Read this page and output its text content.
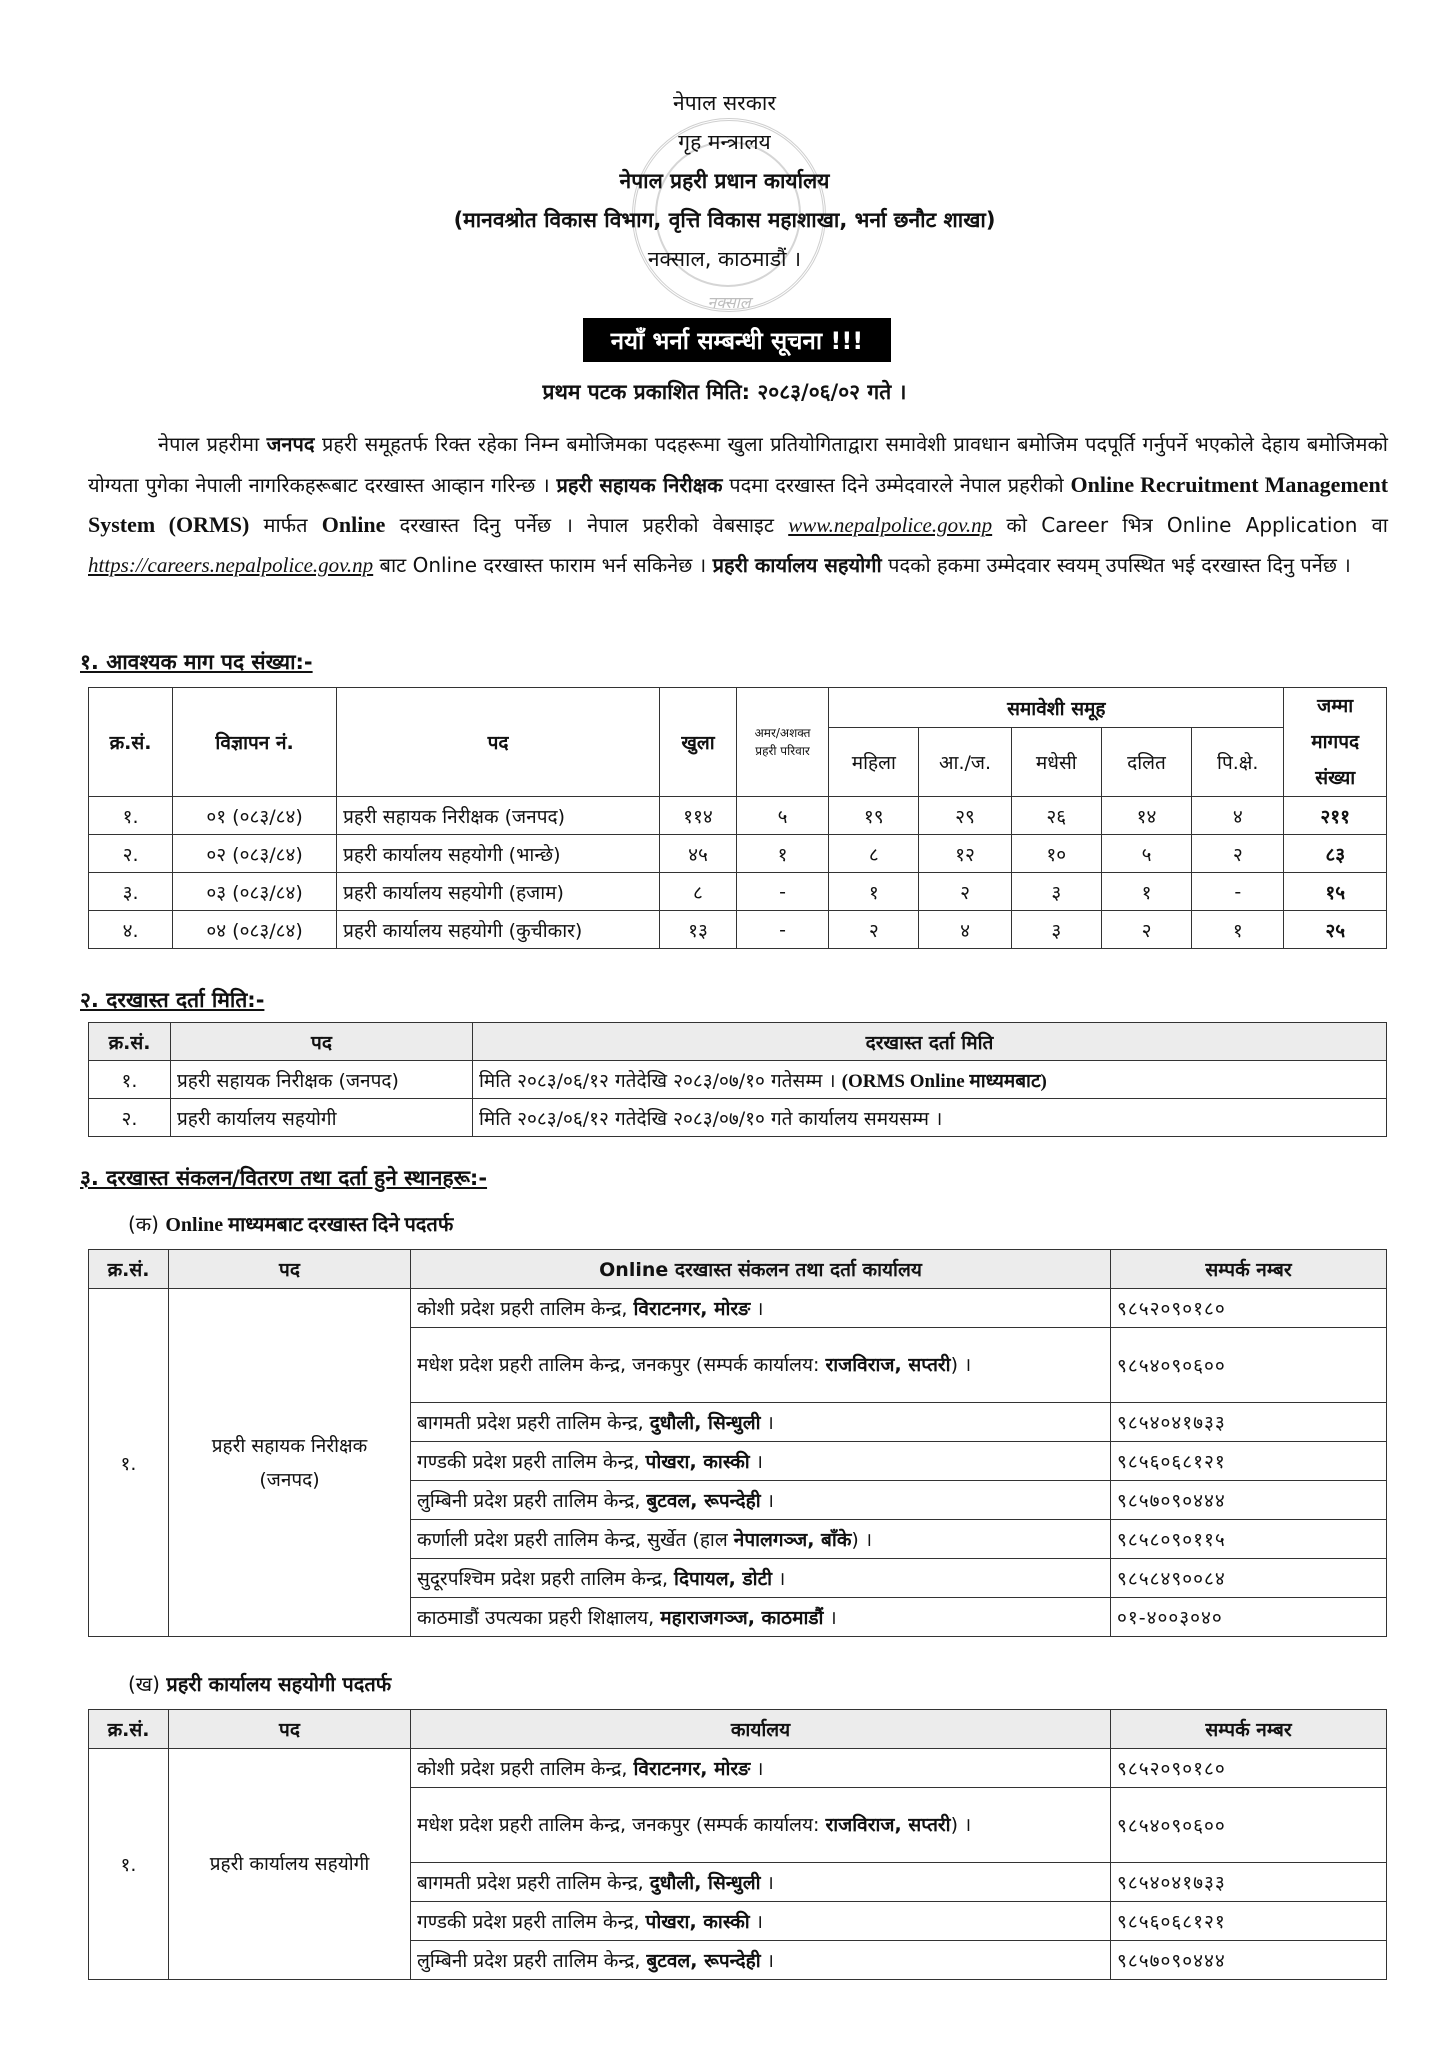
नक्साल
नेपाल सरकार
गृह मन्त्रालय
नेपाल प्रहरी प्रधान कार्यालय
(मानवश्रोत विकास विभाग, वृत्ति विकास महाशाखा, भर्ना छनौट शाखा)
नक्साल, काठमाडौं ।
नयाँ भर्ना सम्बन्धी सूचना !!!
प्रथम पटक प्रकाशित मिति: २०८३/०६/०२ गते ।
नेपाल प्रहरीमा जनपद प्रहरी समूहतर्फ रिक्त रहेका निम्न बमोजिमका पदहरूमा खुला प्रतियोगिताद्वारा समावेशी प्रावधान बमोजिम पदपूर्ति गर्नुपर्ने भएकोले देहाय बमोजिमको योग्यता पुगेका नेपाली नागरिकहरूबाट दरखास्त आव्हान गरिन्छ । प्रहरी सहायक निरीक्षक पदमा दरखास्त दिने उम्मेदवारले नेपाल प्रहरीको Online Recruitment Management System (ORMS) मार्फत Online दरखास्त दिनु पर्नेछ । नेपाल प्रहरीको वेबसाइट www.nepalpolice.gov.np को Career भित्र Online Application वा https://careers.nepalpolice.gov.np बाट Online दरखास्त फाराम भर्न सकिनेछ । प्रहरी कार्यालय सहयोगी पदको हकमा उम्मेदवार स्वयम् उपस्थित भई दरखास्त दिनु पर्नेछ ।
१. आवश्यक माग पद संख्या:-
क्र.सं.	विज्ञापन नं.	पद	खुला	अमर/अशक्त प्रहरी परिवार	समावेशी समूह					जम्मा मागपद संख्या
					महिला	आ./ज.	मधेसी	दलित	पि.क्षे.	
१.	०१ (०८३/८४)	प्रहरी सहायक निरीक्षक (जनपद)	११४	५	१९	२९	२६	१४	४	२११
२.	०२ (०८३/८४)	प्रहरी कार्यालय सहयोगी (भान्छे)	४५	१	८	१२	१०	५	२	८३
३.	०३ (०८३/८४)	प्रहरी कार्यालय सहयोगी (हजाम)	८	-	१	२	३	१	-	१५
४.	०४ (०८३/८४)	प्रहरी कार्यालय सहयोगी (कुचीकार)	१३	-	२	४	३	२	१	२५
२. दरखास्त दर्ता मिति:-
क्र.सं.	पद	दरखास्त दर्ता मिति
१.	प्रहरी सहायक निरीक्षक (जनपद)	मिति २०८३/०६/१२ गतेदेखि २०८३/०७/१० गतेसम्म । (ORMS Online माध्यमबाट)
२.	प्रहरी कार्यालय सहयोगी	मिति २०८३/०६/१२ गतेदेखि २०८३/०७/१० गते कार्यालय समयसम्म ।
३. दरखास्त संकलन/वितरण तथा दर्ता हुने स्थानहरू:-
(क) Online माध्यमबाट दरखास्त दिने पदतर्फ
क्र.सं.	पद	Online दरखास्त संकलन तथा दर्ता कार्यालय	सम्पर्क नम्बर
१.	प्रहरी सहायक निरीक्षक (जनपद)	कोशी प्रदेश प्रहरी तालिम केन्द्र, विराटनगर, मोरङ ।	९८५२०९०१८०
		मधेश प्रदेश प्रहरी तालिम केन्द्र, जनकपुर (सम्पर्क कार्यालय: राजविराज, सप्तरी) ।	९८५४०९०६००
		बागमती प्रदेश प्रहरी तालिम केन्द्र, दुधौली, सिन्धुली ।	९८५४०४१७३३
		गण्डकी प्रदेश प्रहरी तालिम केन्द्र, पोखरा, कास्की ।	९८५६०६८१२१
		लुम्बिनी प्रदेश प्रहरी तालिम केन्द्र, बुटवल, रूपन्देही ।	९८५७०९०४४४
		कर्णाली प्रदेश प्रहरी तालिम केन्द्र, सुर्खेत (हाल नेपालगञ्ज, बाँके) ।	९८५८०९०११५
		सुदूरपश्चिम प्रदेश प्रहरी तालिम केन्द्र, दिपायल, डोटी ।	९८५८४९००८४
		काठमाडौं उपत्यका प्रहरी शिक्षालय, महाराजगञ्ज, काठमाडौं ।	०१-४००३०४०
(ख) प्रहरी कार्यालय सहयोगी पदतर्फ
क्र.सं.	पद	कार्यालय	सम्पर्क नम्बर
१.	प्रहरी कार्यालय सहयोगी	कोशी प्रदेश प्रहरी तालिम केन्द्र, विराटनगर, मोरङ ।	९८५२०९०१८०
		मधेश प्रदेश प्रहरी तालिम केन्द्र, जनकपुर (सम्पर्क कार्यालय: राजविराज, सप्तरी) ।	९८५४०९०६००
		बागमती प्रदेश प्रहरी तालिम केन्द्र, दुधौली, सिन्धुली ।	९८५४०४१७३३
		गण्डकी प्रदेश प्रहरी तालिम केन्द्र, पोखरा, कास्की ।	९८५६०६८१२१
		लुम्बिनी प्रदेश प्रहरी तालिम केन्द्र, बुटवल, रूपन्देही ।	९८५७०९०४४४
